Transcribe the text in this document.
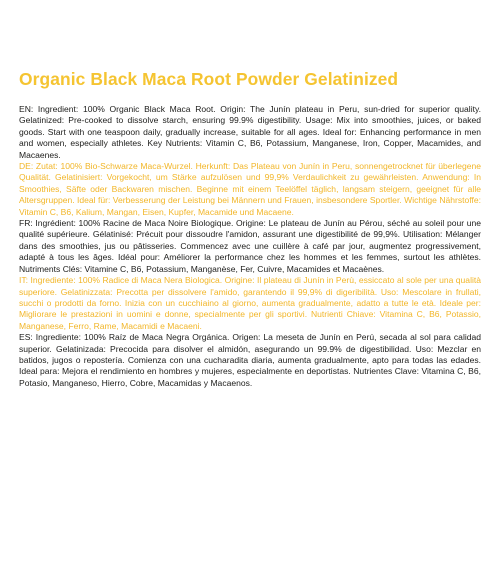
Organic Black Maca Root Powder Gelatinized

EN: Ingredient: 100% Organic Black Maca Root. Origin: The Junín plateau in Peru, sun-dried for superior quality. Gelatinized: Pre-cooked to dissolve starch, ensuring 99.9% digestibility. Usage: Mix into smoothies, juices, or baked goods. Start with one teaspoon daily, gradually increase, suitable for all ages. Ideal for: Enhancing performance in men and women, especially athletes. Key Nutrients: Vitamin C, B6, Potassium, Manganese, Iron, Copper, Macamides, and Macaenes.

DE: Zutat: 100% Bio-Schwarze Maca-Wurzel. Herkunft: Das Plateau von Junín in Peru, sonnengetrocknet für überlegene Qualität. Gelatinisiert: Vorgekocht, um Stärke aufzulösen und 99,9% Verdaulichkeit zu gewährleisten. Anwendung: In Smoothies, Säfte oder Backwaren mischen. Beginne mit einem Teelöffel täglich, langsam steigern, geeignet für alle Altersgruppen. Ideal für: Verbesserung der Leistung bei Männern und Frauen, insbesondere Sportler. Wichtige Nährstoffe: Vitamin C, B6, Kalium, Mangan, Eisen, Kupfer, Macamide und Macaene.

FR: Ingrédient: 100% Racine de Maca Noire Biologique. Origine: Le plateau de Junín au Pérou, séché au soleil pour une qualité supérieure. Gélatinisé: Précuit pour dissoudre l'amidon, assurant une digestibilité de 99,9%. Utilisation: Mélanger dans des smoothies, jus ou pâtisseries. Commencez avec une cuillère à café par jour, augmentez progressivement, adapté à tous les âges. Idéal pour: Améliorer la performance chez les hommes et les femmes, surtout les athlètes. Nutriments Clés: Vitamine C, B6, Potassium, Manganèse, Fer, Cuivre, Macamides et Macaènes.

IT: Ingrediente: 100% Radice di Maca Nera Biologica. Origine: Il plateau di Junín in Perù, essiccato al sole per una qualità superiore. Gelatinizzata: Precotta per dissolvere l'amido, garantendo il 99,9% di digeribilità. Uso: Mescolare in frullati, succhi o prodotti da forno. Inizia con un cucchiaino al giorno, aumenta gradualmente, adatto a tutte le età. Ideale per: Migliorare le prestazioni in uomini e donne, specialmente per gli sportivi. Nutrienti Chiave: Vitamina C, B6, Potassio, Manganese, Ferro, Rame, Macamidi e Macaeni.

ES: Ingrediente: 100% Raíz de Maca Negra Orgánica. Origen: La meseta de Junín en Perú, secada al sol para calidad superior. Gelatinizada: Precocida para disolver el almidón, asegurando un 99.9% de digestibilidad. Uso: Mezclar en batidos, jugos o repostería. Comienza con una cucharadita diaria, aumenta gradualmente, apto para todas las edades. Ideal para: Mejora el rendimiento en hombres y mujeres, especialmente en deportistas. Nutrientes Clave: Vitamina C, B6, Potasio, Manganeso, Hierro, Cobre, Macamidas y Macaenos.
